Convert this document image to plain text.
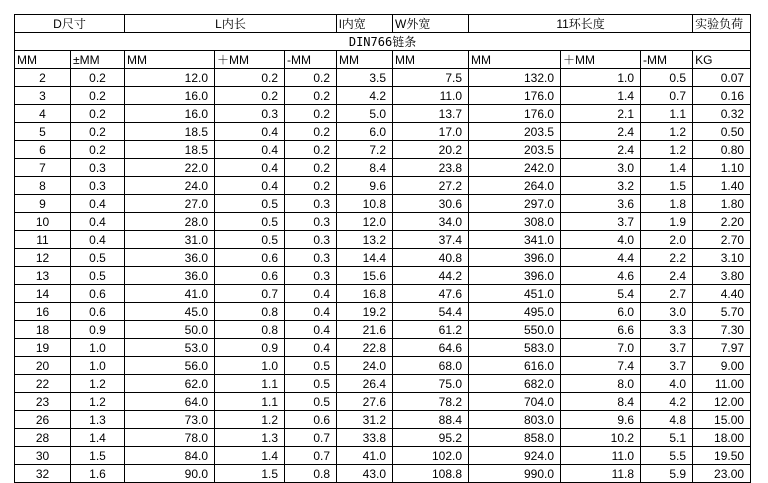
D尺寸		L内长			l内宽	W外宽	11环长度			实验负荷
DIN766链条										
MM	±MM	MM	＋MM	-MM	MM	MM	MM	＋MM	-MM	KG
2	0.2	12.0	0.2	0.2	3.5	7.5	132.0	1.0	0.5	0.07
3	0.2	16.0	0.2	0.2	4.2	11.0	176.0	1.4	0.7	0.16
4	0.2	16.0	0.3	0.2	5.0	13.7	176.0	2.1	1.1	0.32
5	0.2	18.5	0.4	0.2	6.0	17.0	203.5	2.4	1.2	0.50
6	0.2	18.5	0.4	0.2	7.2	20.2	203.5	2.4	1.2	0.80
7	0.3	22.0	0.4	0.2	8.4	23.8	242.0	3.0	1.4	1.10
8	0.3	24.0	0.4	0.2	9.6	27.2	264.0	3.2	1.5	1.40
9	0.4	27.0	0.5	0.3	10.8	30.6	297.0	3.6	1.8	1.80
10	0.4	28.0	0.5	0.3	12.0	34.0	308.0	3.7	1.9	2.20
11	0.4	31.0	0.5	0.3	13.2	37.4	341.0	4.0	2.0	2.70
12	0.5	36.0	0.6	0.3	14.4	40.8	396.0	4.4	2.2	3.10
13	0.5	36.0	0.6	0.3	15.6	44.2	396.0	4.6	2.4	3.80
14	0.6	41.0	0.7	0.4	16.8	47.6	451.0	5.4	2.7	4.40
16	0.6	45.0	0.8	0.4	19.2	54.4	495.0	6.0	3.0	5.70
18	0.9	50.0	0.8	0.4	21.6	61.2	550.0	6.6	3.3	7.30
19	1.0	53.0	0.9	0.4	22.8	64.6	583.0	7.0	3.7	7.97
20	1.0	56.0	1.0	0.5	24.0	68.0	616.0	7.4	3.7	9.00
22	1.2	62.0	1.1	0.5	26.4	75.0	682.0	8.0	4.0	11.00
23	1.2	64.0	1.1	0.5	27.6	78.2	704.0	8.4	4.2	12.00
26	1.3	73.0	1.2	0.6	31.2	88.4	803.0	9.6	4.8	15.00
28	1.4	78.0	1.3	0.7	33.8	95.2	858.0	10.2	5.1	18.00
30	1.5	84.0	1.4	0.7	41.0	102.0	924.0	11.0	5.5	19.50
32	1.6	90.0	1.5	0.8	43.0	108.8	990.0	11.8	5.9	23.00
